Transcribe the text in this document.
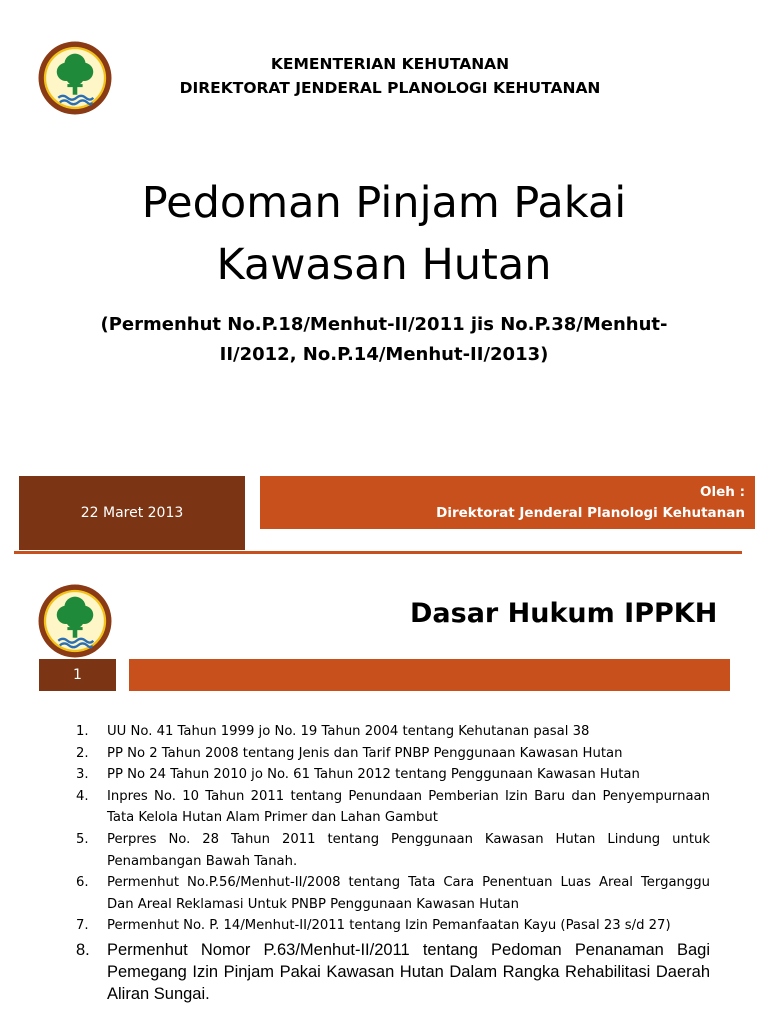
KEMENTERIAN KEHUTANAN
DIREKTORAT JENDERAL PLANOLOGI KEHUTANAN
Pedoman Pinjam Pakai
Kawasan Hutan
(Permenhut No.P.18/Menhut-II/2011 jis No.P.38/Menhut-
II/2012, No.P.14/Menhut-II/2013)
22 Maret 2013
Oleh :
Direktorat Jenderal Planologi Kehutanan
Dasar Hukum IPPKH
1
1.	UU No. 41 Tahun 1999 jo No. 19 Tahun 2004 tentang Kehutanan pasal 38
2.	PP No 2 Tahun 2008 tentang Jenis dan Tarif PNBP Penggunaan Kawasan Hutan
3.	PP No 24 Tahun 2010 jo No. 61 Tahun 2012 tentang Penggunaan Kawasan Hutan
4.	Inpres No. 10 Tahun 2011 tentang Penundaan Pemberian Izin Baru dan Penyempurnaan Tata Kelola Hutan Alam Primer dan Lahan Gambut
5.	Perpres No. 28 Tahun 2011 tentang Penggunaan Kawasan Hutan Lindung untuk Penambangan Bawah Tanah.
6.	Permenhut No.P.56/Menhut-II/2008 tentang Tata Cara Penentuan Luas Areal Terganggu Dan Areal Reklamasi Untuk PNBP Penggunaan Kawasan Hutan
7.	Permenhut No. P. 14/Menhut-II/2011 tentang Izin Pemanfaatan Kayu (Pasal 23 s/d 27)
8.	Permenhut Nomor P.63/Menhut-II/2011 tentang Pedoman Penanaman Bagi Pemegang Izin Pinjam Pakai Kawasan Hutan Dalam Rangka Rehabilitasi Daerah Aliran Sungai.
